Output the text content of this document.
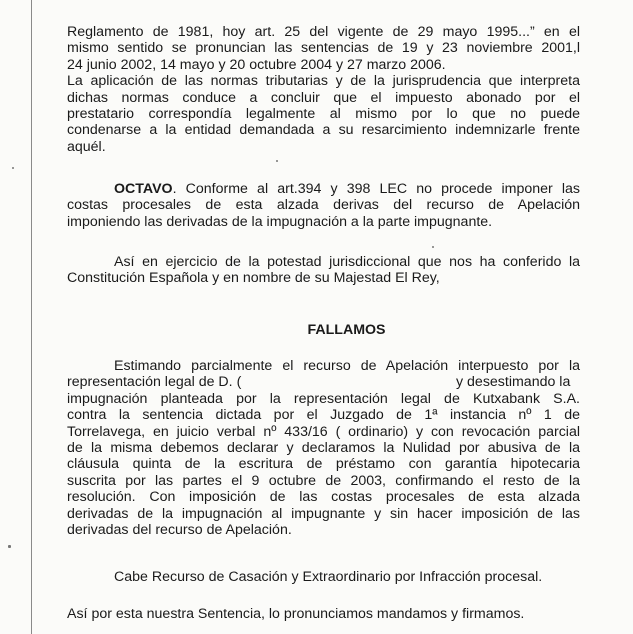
Reglamento de 1981, hoy art. 25 del vigente de 29 mayo 1995...” en el
mismo sentido se pronuncian las sentencias de 19 y 23 noviembre 2001,l
24 junio 2002, 14 mayo y 20 octubre 2004 y 27 marzo 2006.
La aplicación de las normas tributarias y de la jurisprudencia que interpreta
dichas normas conduce a concluir que el impuesto abonado por el
prestatario correspondía legalmente al mismo por lo que no puede
condenarse a la entidad demandada a su resarcimiento indemnizarle frente
aquél.
OCTAVO. Conforme al art.394 y 398 LEC no procede imponer las
costas procesales de esta alzada derivas del recurso de Apelación
imponiendo las derivadas de la impugnación a la parte impugnante.
Así en ejercicio de la potestad jurisdiccional que nos ha conferido la
Constitución Española y en nombre de su Majestad El Rey,
FALLAMOS
Estimando parcialmente el recurso de Apelación interpuesto por la
representación legal de D. (	y desestimando la
impugnación planteada por la representación legal de Kutxabank S.A.
contra la sentencia dictada por el Juzgado de 1ª instancia nº 1 de
Torrelavega, en juicio verbal nº 433/16 ( ordinario) y con revocación parcial
de la misma debemos declarar y declaramos la Nulidad por abusiva de la
cláusula quinta de la escritura de préstamo con garantía hipotecaria
suscrita por las partes el 9 octubre de 2003, confirmando el resto de la
resolución. Con imposición de las costas procesales de esta alzada
derivadas de la impugnación al impugnante y sin hacer imposición de las
derivadas del recurso de Apelación.
Cabe Recurso de Casación y Extraordinario por Infracción procesal.
Así por esta nuestra Sentencia, lo pronunciamos mandamos y firmamos.
